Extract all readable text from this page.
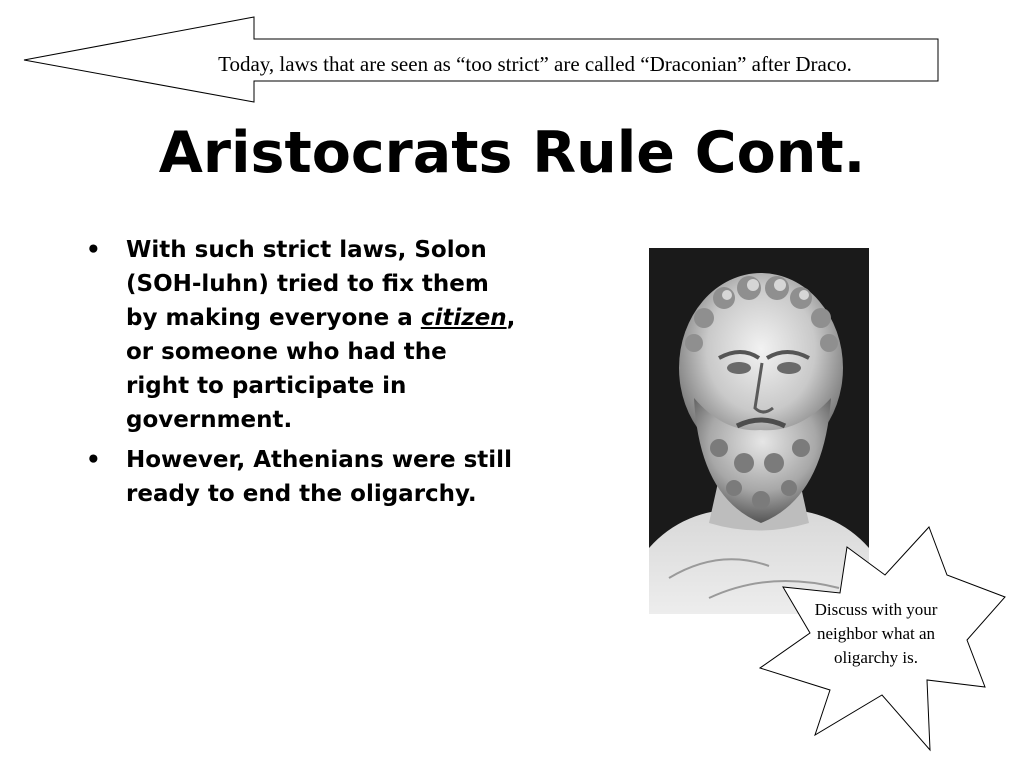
Today, laws that are seen as “too strict” are called “Draconian” after Draco.
Aristocrats Rule Cont.
• With such strict laws, Solon (SOH-luhn) tried to fix them by making everyone a citizen, or someone who had the right to participate in government.
• However, Athenians were still ready to end the oligarchy.
Discuss with your neighbor what an oligarchy is.
